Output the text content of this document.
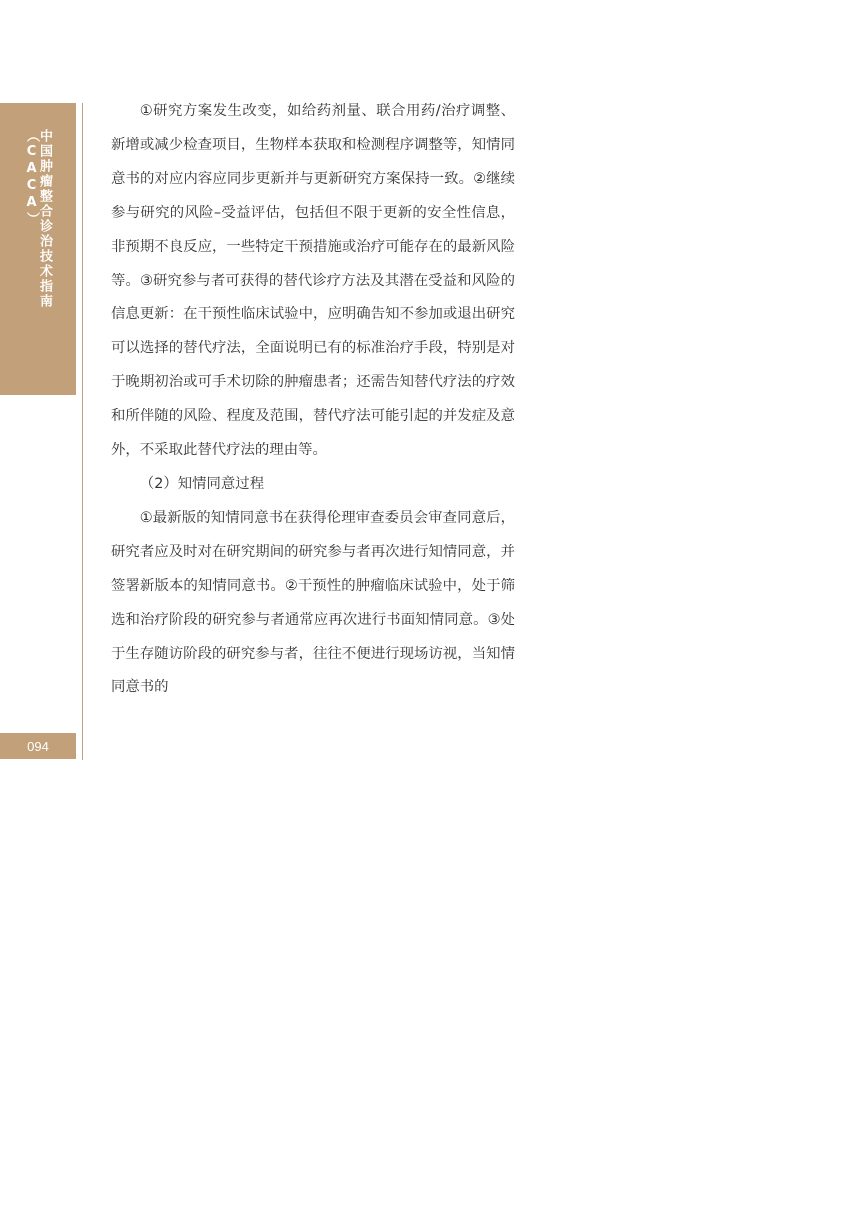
中国肿瘤整合诊治技术指南（CACA）
094

①研究方案发生改变，如给药剂量、联合用药/治疗调整、新增或减少检查项目，生物样本获取和检测程序调整等，知情同意书的对应内容应同步更新并与更新研究方案保持一致。②继续参与研究的风险–受益评估，包括但不限于更新的安全性信息，非预期不良反应，一些特定干预措施或治疗可能存在的最新风险等。③研究参与者可获得的替代诊疗方法及其潜在受益和风险的信息更新：在干预性临床试验中，应明确告知不参加或退出研究可以选择的替代疗法，全面说明已有的标准治疗手段，特别是对于晚期初治或可手术切除的肿瘤患者；还需告知替代疗法的疗效和所伴随的风险、程度及范围，替代疗法可能引起的并发症及意外，不采取此替代疗法的理由等。

（2）知情同意过程

①最新版的知情同意书在获得伦理审查委员会审查同意后，研究者应及时对在研究期间的研究参与者再次进行知情同意，并签署新版本的知情同意书。②干预性的肿瘤临床试验中，处于筛选和治疗阶段的研究参与者通常应再次进行书面知情同意。③处于生存随访阶段的研究参与者，往往不便进行现场访视，当知情同意书的
